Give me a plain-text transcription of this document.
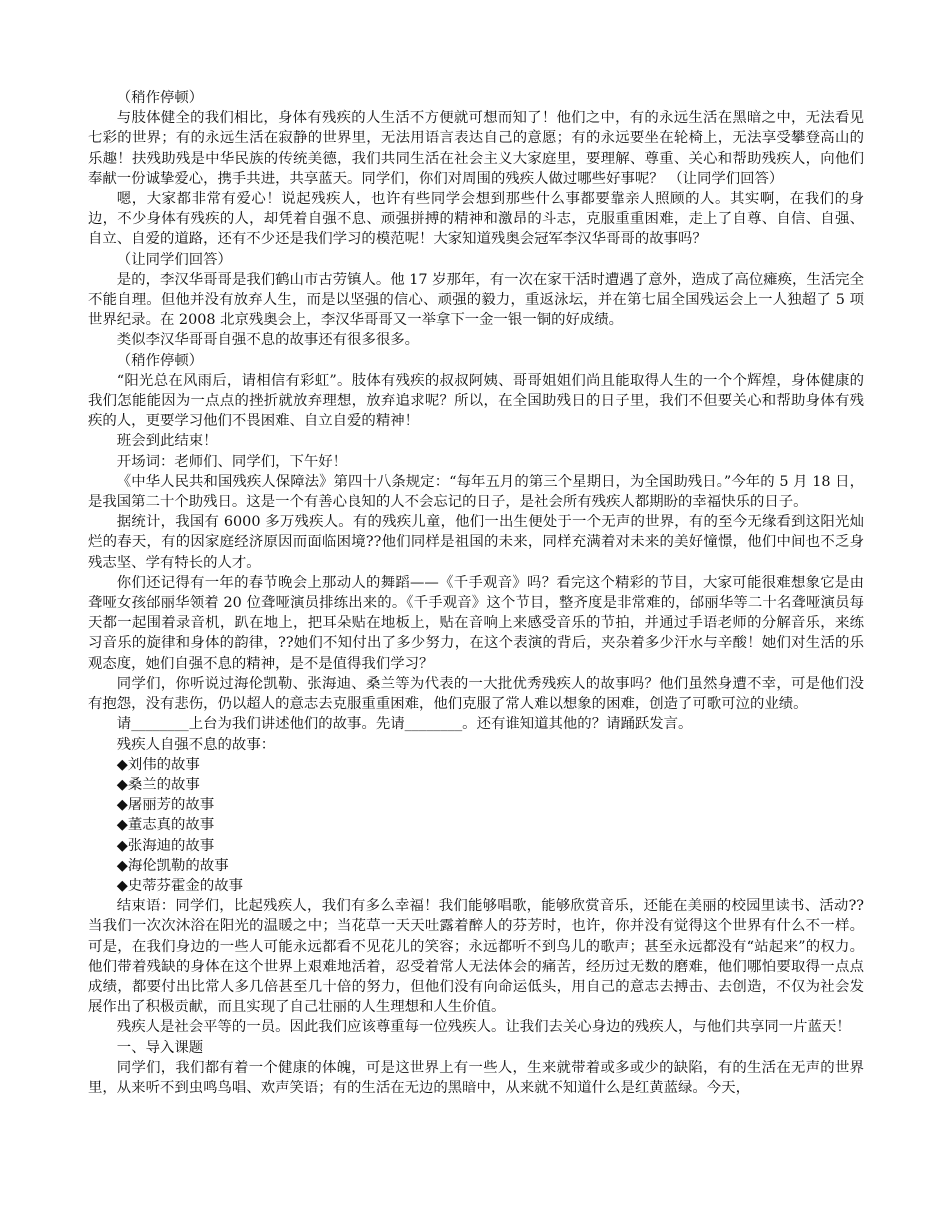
（稍作停顿）

与肢体健全的我们相比，身体有残疾的人生活不方便就可想而知了！他们之中，有的永远生活在黑暗之中，无法看见七彩的世界；有的永远生活在寂静的世界里，无法用语言表达自己的意愿；有的永远要坐在轮椅上，无法享受攀登高山的乐趣！扶残助残是中华民族的传统美德，我们共同生活在社会主义大家庭里，要理解、尊重、关心和帮助残疾人，向他们奉献一份诚挚爱心，携手共进，共享蓝天。同学们，你们对周围的残疾人做过哪些好事呢？ （让同学们回答）

嗯，大家都非常有爱心！说起残疾人，也许有些同学会想到那些什么事都要靠亲人照顾的人。其实啊，在我们的身边，不少身体有残疾的人，却凭着自强不息、顽强拼搏的精神和激昂的斗志，克服重重困难，走上了自尊、自信、自强、自立、自爱的道路，还有不少还是我们学习的模范呢！大家知道残奥会冠军李汉华哥哥的故事吗？

（让同学们回答）

是的，李汉华哥哥是我们鹤山市古劳镇人。他 17 岁那年，有一次在家干活时遭遇了意外，造成了高位瘫痪，生活完全不能自理。但他并没有放弃人生，而是以坚强的信心、顽强的毅力，重返泳坛，并在第七届全国残运会上一人独超了 5 项世界纪录。在 2008 北京残奥会上，李汉华哥哥又一举拿下一金一银一铜的好成绩。

类似李汉华哥哥自强不息的故事还有很多很多。

（稍作停顿）

“阳光总在风雨后，请相信有彩虹”。肢体有残疾的叔叔阿姨、哥哥姐姐们尚且能取得人生的一个个辉煌，身体健康的我们怎能能因为一点点的挫折就放弃理想，放弃追求呢？所以，在全国助残日的日子里，我们不但要关心和帮助身体有残疾的人，更要学习他们不畏困难、自立自爱的精神！

班会到此结束！

开场词：老师们、同学们，下午好！

《中华人民共和国残疾人保障法》第四十八条规定：“每年五月的第三个星期日，为全国助残日。”今年的 5 月 18 日，是我国第二十个助残日。这是一个有善心良知的人不会忘记的日子，是社会所有残疾人都期盼的幸福快乐的日子。

据统计，我国有 6000 多万残疾人。有的残疾儿童，他们一出生便处于一个无声的世界，有的至今无缘看到这阳光灿烂的春天，有的因家庭经济原因而面临困境??他们同样是祖国的未来，同样充满着对未来的美好憧憬，他们中间也不乏身残志坚、学有特长的人才。

你们还记得有一年的春节晚会上那动人的舞蹈——《千手观音》吗？看完这个精彩的节目，大家可能很难想象它是由聋哑女孩邰丽华领着 20 位聋哑演员排练出来的。《千手观音》这个节目，整齐度是非常难的，邰丽华等二十名聋哑演员每天都一起围着录音机，趴在地上，把耳朵贴在地板上，贴在音响上来感受音乐的节拍，并通过手语老师的分解音乐，来练习音乐的旋律和身体的韵律，??她们不知付出了多少努力，在这个表演的背后，夹杂着多少汗水与辛酸！她们对生活的乐观态度，她们自强不息的精神，是不是值得我们学习？

同学们，你听说过海伦凯勒、张海迪、桑兰等为代表的一大批优秀残疾人的故事吗？他们虽然身遭不幸，可是他们没有抱怨，没有悲伤，仍以超人的意志去克服重重困难，他们克服了常人难以想象的困难，创造了可歌可泣的业绩。

请________上台为我们讲述他们的故事。先请________。还有谁知道其他的？请踊跃发言。

残疾人自强不息的故事：

◆刘伟的故事

◆桑兰的故事

◆屠丽芳的故事

◆董志真的故事

◆张海迪的故事

◆海伦凯勒的故事

◆史蒂芬霍金的故事

结束语：同学们，比起残疾人，我们有多么幸福！我们能够唱歌，能够欣赏音乐，还能在美丽的校园里读书、活动??当我们一次次沐浴在阳光的温暖之中；当花草一天天吐露着醉人的芬芳时，也许，你并没有觉得这个世界有什么不一样。可是，在我们身边的一些人可能永远都看不见花儿的笑容；永远都听不到鸟儿的歌声；甚至永远都没有“站起来”的权力。他们带着残缺的身体在这个世界上艰难地活着，忍受着常人无法体会的痛苦，经历过无数的磨难，他们哪怕要取得一点点成绩，都要付出比常人多几倍甚至几十倍的努力，但他们没有向命运低头，用自己的意志去搏击、去创造，不仅为社会发展作出了积极贡献，而且实现了自己壮丽的人生理想和人生价值。

残疾人是社会平等的一员。因此我们应该尊重每一位残疾人。让我们去关心身边的残疾人，与他们共享同一片蓝天！

一、导入课题

同学们，我们都有着一个健康的体魄，可是这世界上有一些人，生来就带着或多或少的缺陷，有的生活在无声的世界里，从来听不到虫鸣鸟唱、欢声笑语；有的生活在无边的黑暗中，从来就不知道什么是红黄蓝绿。今天，
